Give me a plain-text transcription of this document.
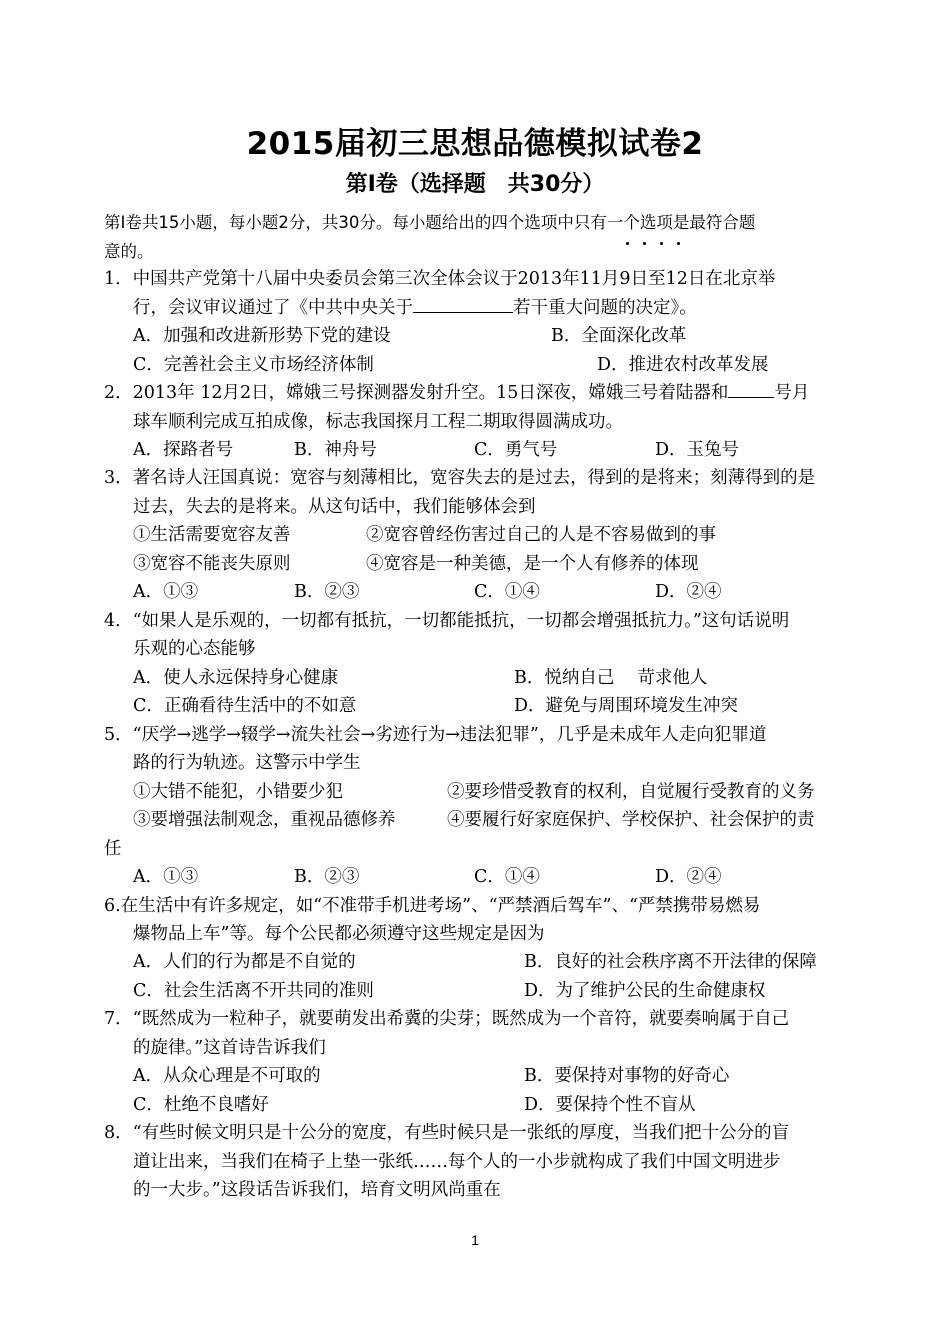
2015届初三思想品德模拟试卷2
第Ⅰ卷（选择题　共30分）
第Ⅰ卷共15小题，每小题2分，共30分。每小题给出的四个选项中只有一个选项是最符合题
意的。
1．中国共产党第十八届中央委员会第三次全体会议于2013年11月9日至12日在北京举
行，会议审议通过了《中共中央关于	若干重大问题的决定》。
A．加强和改进新形势下党的建设	B．全面深化改革
C．完善社会主义市场经济体制	D．推进农村改革发展
2．2013年 12月2日，嫦娥三号探测器发射升空。15日深夜，嫦娥三号着陆器和	号月
球车顺利完成互拍成像，标志我国探月工程二期取得圆满成功。
A．探路者号	B．神舟号	C．勇气号	D．玉兔号
3．著名诗人汪国真说：宽容与刻薄相比，宽容失去的是过去，得到的是将来；刻薄得到的是
过去，失去的是将来。从这句话中，我们能够体会到
①生活需要宽容友善	②宽容曾经伤害过自己的人是不容易做到的事
③宽容不能丧失原则	④宽容是一种美德，是一个人有修养的体现
A．①③	B．②③	C．①④	D．②④
4．“如果人是乐观的，一切都有抵抗，一切都能抵抗，一切都会增强抵抗力。”这句话说明
乐观的心态能够
A．使人永远保持身心健康	B．悦纳自己　 苛求他人
C．正确看待生活中的不如意	D．避免与周围环境发生冲突
5．“厌学→逃学→辍学→流失社会→劣迹行为→违法犯罪”，几乎是未成年人走向犯罪道
路的行为轨迹。这警示中学生
①大错不能犯，小错要少犯	②要珍惜受教育的权利，自觉履行受教育的义务
③要增强法制观念，重视品德修养	④要履行好家庭保护、学校保护、社会保护的责
任
A．①③	B．②③	C．①④	D．②④
6.在生活中有许多规定，如“不准带手机进考场”、“严禁酒后驾车”、“严禁携带易燃易
爆物品上车”等。每个公民都必须遵守这些规定是因为
A．人们的行为都是不自觉的	B．良好的社会秩序离不开法律的保障
C．社会生活离不开共同的准则	D．为了维护公民的生命健康权
7．“既然成为一粒种子，就要萌发出希冀的尖芽；既然成为一个音符，就要奏响属于自己
的旋律。”这首诗告诉我们
A．从众心理是不可取的	B．要保持对事物的好奇心
C．杜绝不良嗜好	D．要保持个性不盲从
8．“有些时候文明只是十公分的宽度，有些时候只是一张纸的厚度，当我们把十公分的盲
道让出来，当我们在椅子上垫一张纸……每个人的一小步就构成了我们中国文明进步
的一大步。”这段话告诉我们，培育文明风尚重在
1
